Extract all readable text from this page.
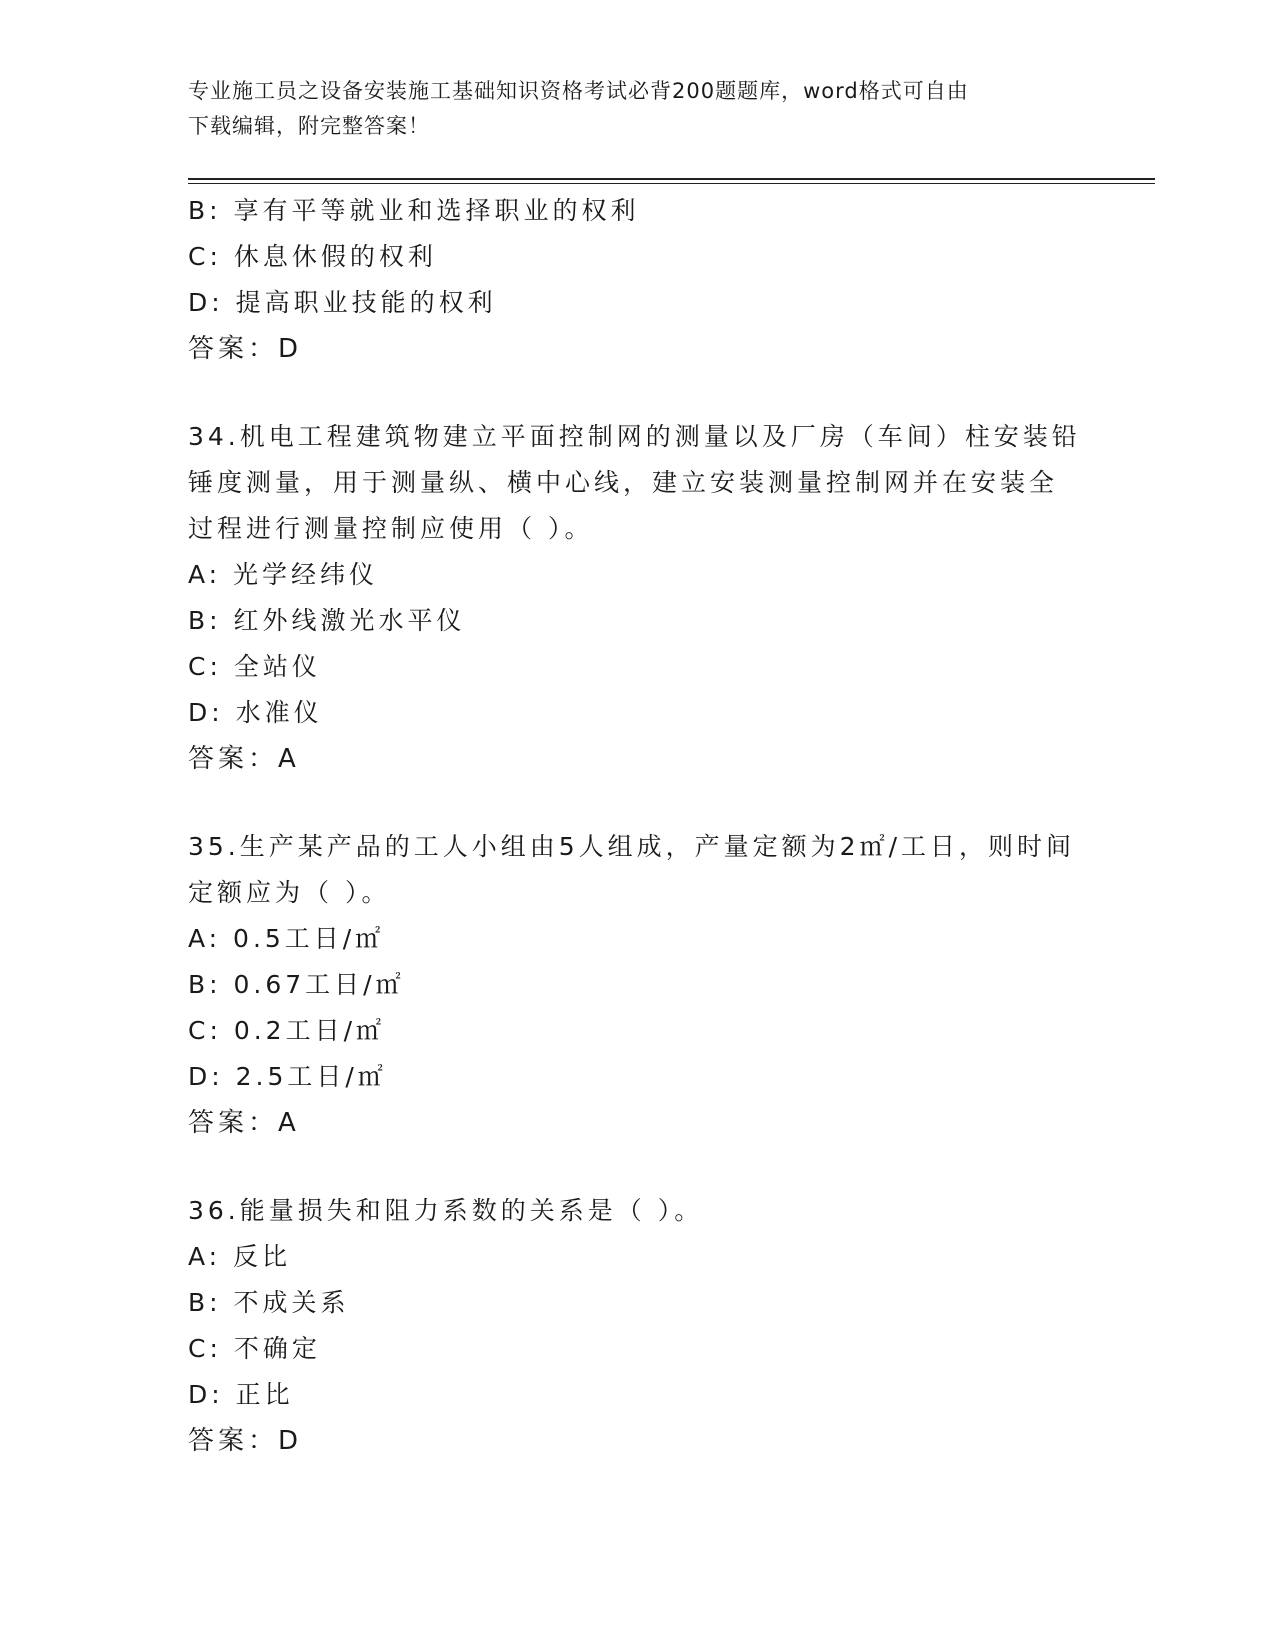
专业施工员之设备安装施工基础知识资格考试必背200题题库，word格式可自由
下载编辑，附完整答案！
B: 享有平等就业和选择职业的权利
C: 休息休假的权利
D: 提高职业技能的权利
答案：D
34.机电工程建筑物建立平面控制网的测量以及厂房（车间）柱安装铅
锤度测量，用于测量纵、横中心线，建立安装测量控制网并在安装全
过程进行测量控制应使用（ ）。
A: 光学经纬仪
B: 红外线激光水平仪
C: 全站仪
D: 水准仪
答案：A
35.生产某产品的工人小组由5人组成，产量定额为2㎡/工日，则时间
定额应为（ ）。
A: 0.5工日/㎡
B: 0.67工日/㎡
C: 0.2工日/㎡
D: 2.5工日/㎡
答案：A
36.能量损失和阻力系数的关系是（ ）。
A: 反比
B: 不成关系
C: 不确定
D: 正比
答案：D
